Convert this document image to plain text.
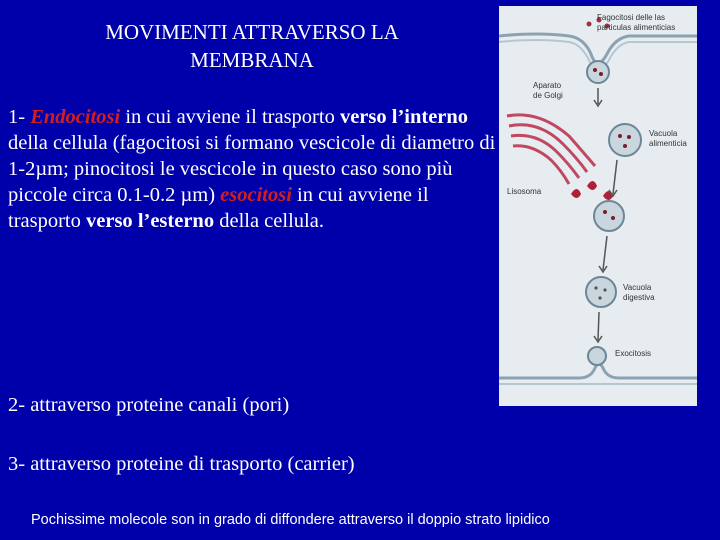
MOVIMENTI ATTRAVERSO LA
MEMBRANA
1- Endocitosi in cui avviene il trasporto verso l’interno della cellula (fagocitosi si formano vescicole di diametro di 1-2µm; pinocitosi le vescicole in questo caso sono più piccole circa 0.1-0.2 µm) esocitosi in cui avviene il trasporto verso l’esterno della cellula.
2- attraverso proteine canali (pori)
3- attraverso proteine di trasporto (carrier)
Pochissime molecole son in grado di diffondere attraverso il doppio strato lipidico
Fagocitosi delle las
particulas alimenticias
Aparato
de Golgi
Vacuola
alimenticia
Lisosoma
Vacuola
digestiva
Exocitosis
